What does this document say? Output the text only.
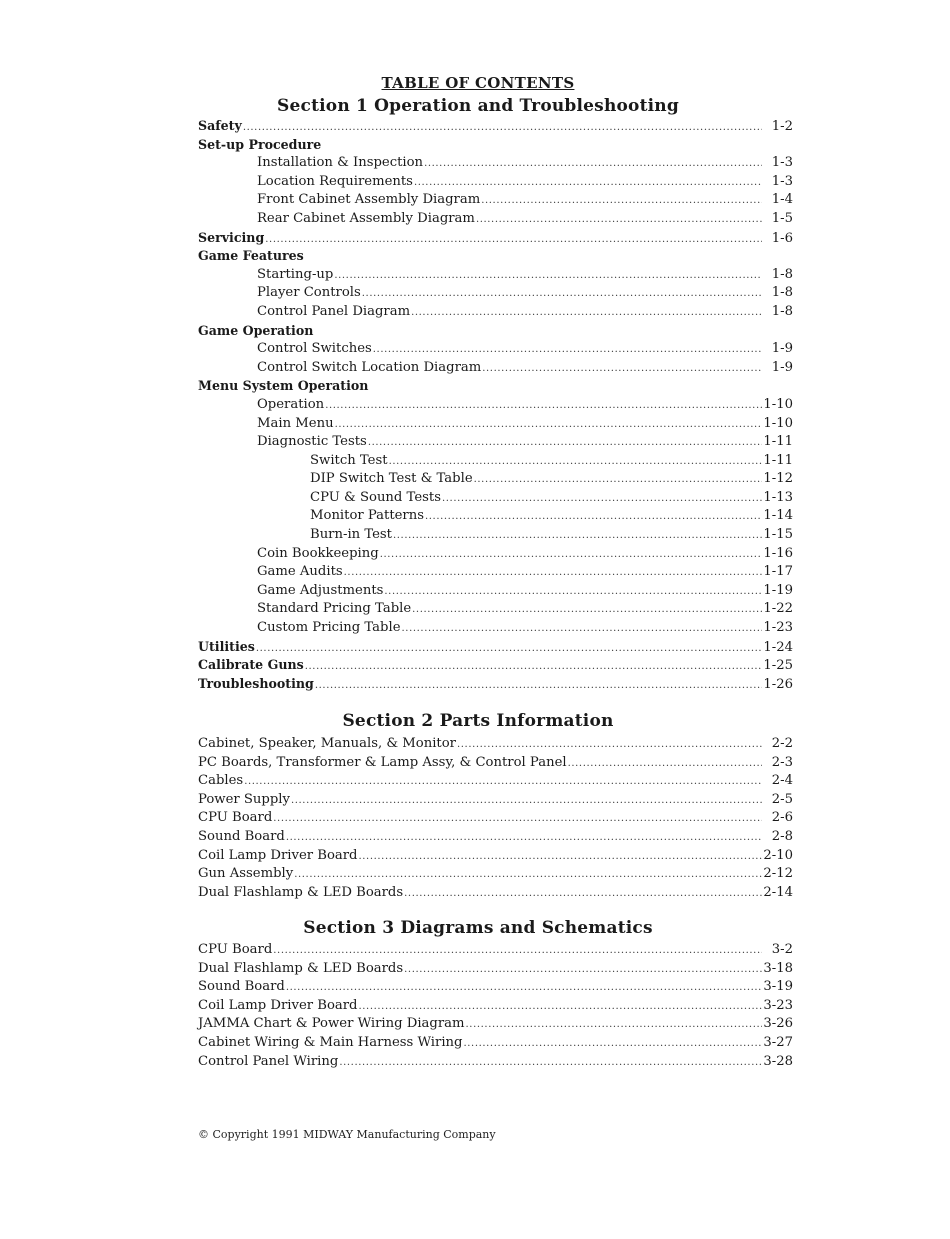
TABLE OF CONTENTS
Section 1 Operation and Troubleshooting
Safety .....	1-2
Set-up Procedure
Installation & Inspection .....	1-3
Location Requirements .....	1-3
Front Cabinet Assembly Diagram .....	1-4
Rear Cabinet Assembly Diagram .....	1-5
Servicing .....	1-6
Game Features
Starting-up .....	1-8
Player Controls .....	1-8
Control Panel Diagram .....	1-8
Game Operation
Control Switches .....	1-9
Control Switch Location Diagram .....	1-9
Menu System Operation
Operation .....	1-10
Main Menu .....	1-10
Diagnostic Tests .....	1-11
Switch Test .....	1-11
DIP Switch Test & Table .....	1-12
CPU & Sound Tests .....	1-13
Monitor Patterns .....	1-14
Burn-in Test .....	1-15
Coin Bookkeeping .....	1-16
Game Audits .....	1-17
Game Adjustments .....	1-19
Standard Pricing Table .....	1-22
Custom Pricing Table .....	1-23
Utilities .....	1-24
Calibrate Guns .....	1-25
Troubleshooting .....	1-26
Section 2 Parts Information
Cabinet, Speaker, Manuals, & Monitor .....	2-2
PC Boards, Transformer & Lamp Assy, & Control Panel .....	2-3
Cables .....	2-4
Power Supply .....	2-5
CPU Board .....	2-6
Sound Board .....	2-8
Coil Lamp Driver Board .....	2-10
Gun Assembly .....	2-12
Dual Flashlamp & LED Boards .....	2-14
Section 3 Diagrams and Schematics
CPU Board .....	3-2
Dual Flashlamp & LED Boards .....	3-18
Sound Board .....	3-19
Coil Lamp Driver Board .....	3-23
JAMMA Chart & Power Wiring Diagram .....	3-26
Cabinet Wiring & Main Harness Wiring .....	3-27
Control Panel Wiring .....	3-28
© Copyright 1991 MIDWAY Manufacturing Company
